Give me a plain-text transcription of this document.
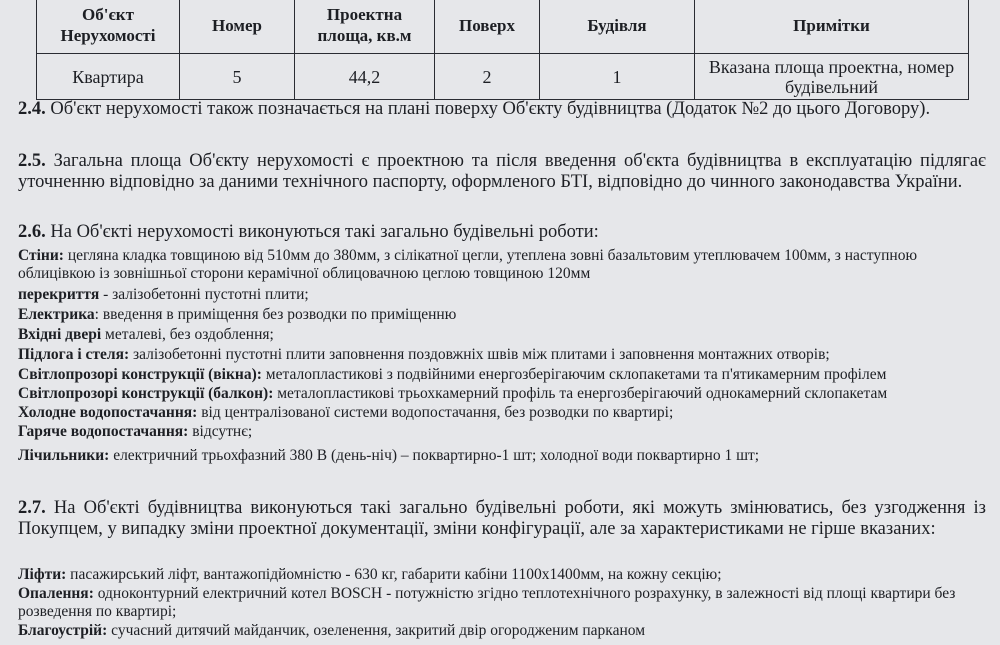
Об'єкт Нерухомості	Номер	Проектна площа, кв.м	Поверх	Будівля	Примітки
Квартира	5	44,2	2	1	Вказана площа проектна, номер будівельний
2.4. Об'єкт нерухомості також позначається на плані поверху Об'єкту будівництва (Додаток №2 до цього Договору).
2.5. Загальна площа Об'єкту нерухомості є проектною та після введення об'єкта будівництва в експлуатацію підлягає уточненню відповідно за даними технічного паспорту, оформленого БТІ, відповідно до чинного законодавства України.
2.6. На Об'єкті нерухомості виконуються такі загально будівельні роботи:
Стіни: цегляна кладка товщиною від 510мм до 380мм, з сілікатної цегли, утеплена зовні базальтовим утеплювачем 100мм, з наступною облицівкою із зовнішньої сторони керамічної облицовачною цеглою товщиною 120мм
перекриття - залізобетонні пустотні плити;
Електрика: введення в приміщення без розводки по приміщенню
Вхідні двері металеві, без оздоблення;
Підлога і стеля: залізобетонні пустотні плити заповнення поздовжніх швів між плитами і заповнення монтажних отворів;
Світлопрозорі конструкції (вікна): металопластикові з подвійними енергозберігаючим склопакетами та п'ятикамерним профілем
Світлопрозорі конструкції (балкон): металопластикові трьохкамерний профіль та енергозберігаючий однокамерний склопакетам
Холодне водопостачання: від централізованої системи водопостачання, без розводки по квартирі;
Гаряче водопостачання: відсутнє;
Лічильники: електричний трьохфазний 380 В (день-ніч) – поквартирно-1 шт; холодної води поквартирно 1 шт;
2.7. На Об'єкті будівництва виконуються такі загально будівельні роботи, які можуть змінюватись, без узгодження із Покупцем, у випадку зміни проектної документації, зміни конфігурації, але за характеристиками не гірше вказаних:
Ліфти: пасажирський ліфт, вантажопідйомністю - 630 кг, габарити кабіни 1100х1400мм, на кожну секцію;
Опалення: одноконтурний електричний котел BOSCH - потужністю згідно теплотехнічного розрахунку, в залежності від площі квартири без розведення по квартирі;
Благоустрій: сучасний дитячий майданчик, озеленення, закритий двір огородженим парканом
